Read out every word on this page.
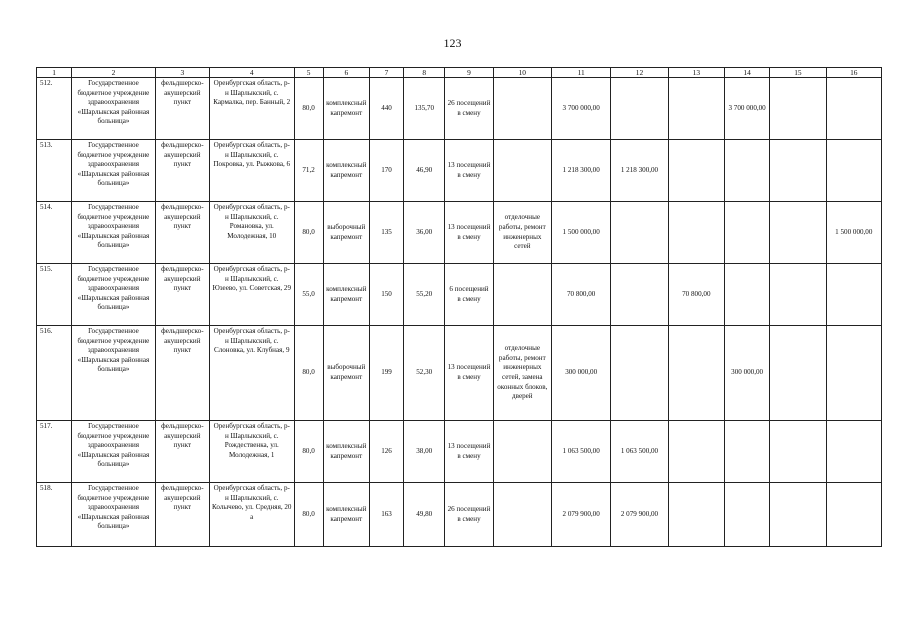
123
1	2	3	4	5	6	7	8	9	10	11	12	13	14	15	16
512.	Государственное бюджетное учреждение здравоохранения «Шарлыкская районная больница»	фельдшерско-акушерский пункт	Оренбургская область, р-н Шарлыкский, с. Кармалка, пер. Банный, 2	80,0	комплексный капремонт	440	135,70	26 посещений в смену		3 700 000,00			3 700 000,00		
513.	Государственное бюджетное учреждение здравоохранения «Шарлыкская районная больница»	фельдшерско-акушерский пункт	Оренбургская область, р-н Шарлыкский, с. Покровка, ул. Рыжкова, 6	71,2	комплексный капремонт	170	46,90	13 посещений в смену		1 218 300,00	1 218 300,00				
514.	Государственное бюджетное учреждение здравоохранения «Шарлыкская районная больница»	фельдшерско-акушерский пункт	Оренбургская область, р-н Шарлыкский, с. Романовка, ул. Молодежная, 10	80,0	выборочный капремонт	135	36,00	13 посещений в смену	отделочные работы, ремонт инженерных сетей	1 500 000,00					1 500 000,00
515.	Государственное бюджетное учреждение здравоохранения «Шарлыкская районная больница»	фельдшерско-акушерский пункт	Оренбургская область, р-н Шарлыкский, с. Юзеево, ул. Советская, 29	55,0	комплексный капремонт	150	55,20	6 посещений в смену		70 800,00		70 800,00			
516.	Государственное бюджетное учреждение здравоохранения «Шарлыкская районная больница»	фельдшерско-акушерский пункт	Оренбургская область, р-н Шарлыкский, с. Слоновка, ул. Клубная, 9	80,0	выборочный капремонт	199	52,30	13 посещений в смену	отделочные работы, ремонт инженерных сетей, замена оконных блоков, дверей	300 000,00			300 000,00		
517.	Государственное бюджетное учреждение здравоохранения «Шарлыкская районная больница»	фельдшерско-акушерский пункт	Оренбургская область, р-н Шарлыкский, с. Рождественка, ул. Молодежная, 1	80,0	комплексный капремонт	126	38,00	13 посещений в смену		1 063 500,00	1 063 500,00				
518.	Государственное бюджетное учреждение здравоохранения «Шарлыкская районная больница»	фельдшерско-акушерский пункт	Оренбургская область, р-н Шарлыкский, с. Колычево, ул. Средняя, 20 а	80,0	комплексный капремонт	163	49,80	26 посещений в смену		2 079 900,00	2 079 900,00				
